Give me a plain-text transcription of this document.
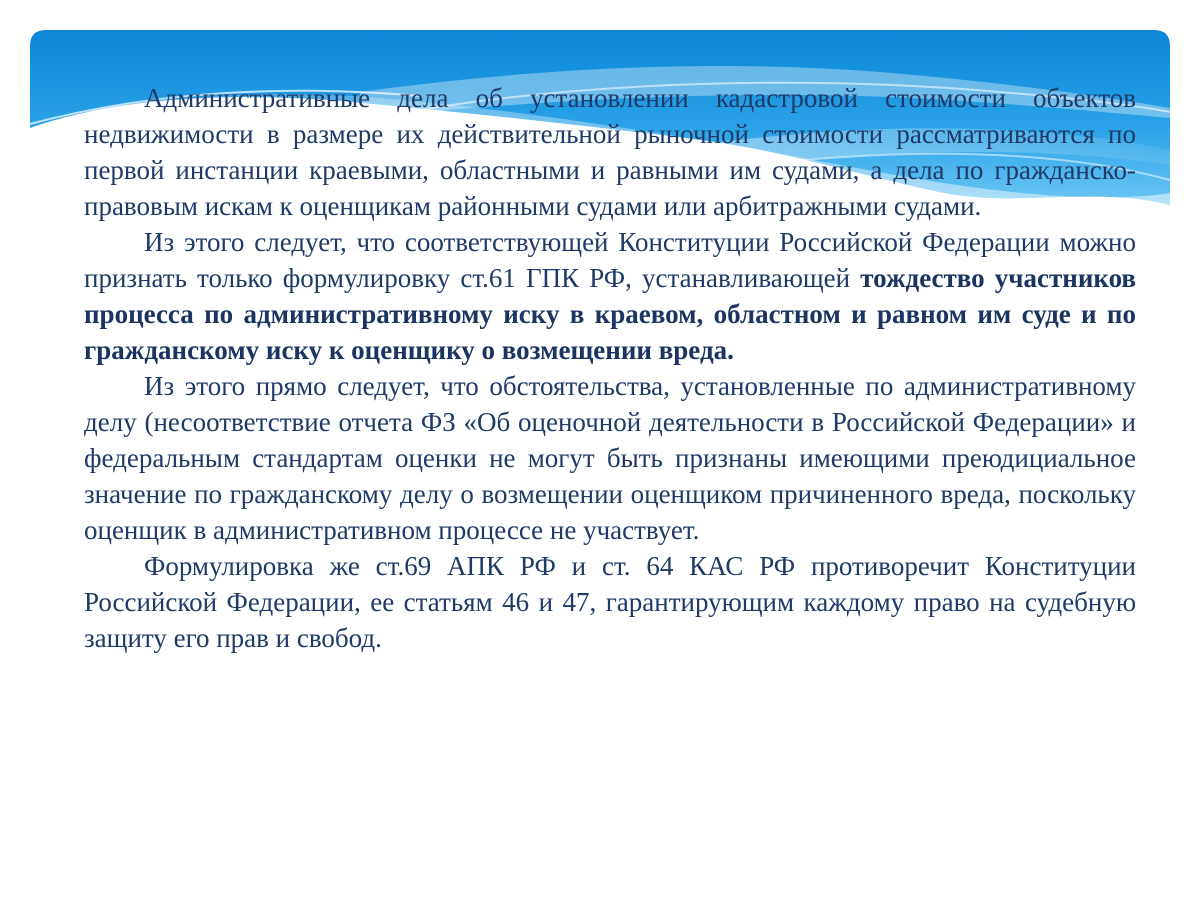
Административные дела об установлении кадастровой стоимости объектов недвижимости в размере их действительной рыночной стоимости рассматриваются по первой инстанции краевыми, областными и равными им судами, а дела по гражданско-правовым искам к оценщикам районными судами или арбитражными судами.

Из этого следует, что соответствующей Конституции Российской Федерации можно признать только формулировку ст.61 ГПК РФ, устанавливающей тождество участников процесса по административному иску в краевом, областном и равном им суде и по гражданскому иску к оценщику о возмещении вреда.

Из этого прямо следует, что обстоятельства, установленные по административному делу (несоответствие отчета ФЗ «Об оценочной деятельности в Российской Федерации» и федеральным стандартам оценки не могут быть признаны имеющими преюдициальное значение по гражданскому делу о возмещении оценщиком причиненного вреда, поскольку оценщик в административном процессе не участвует.

Формулировка же ст.69 АПК РФ и ст. 64 КАС РФ противоречит Конституции Российской Федерации, ее статьям 46 и 47, гарантирующим каждому право на судебную защиту его прав и свобод.
